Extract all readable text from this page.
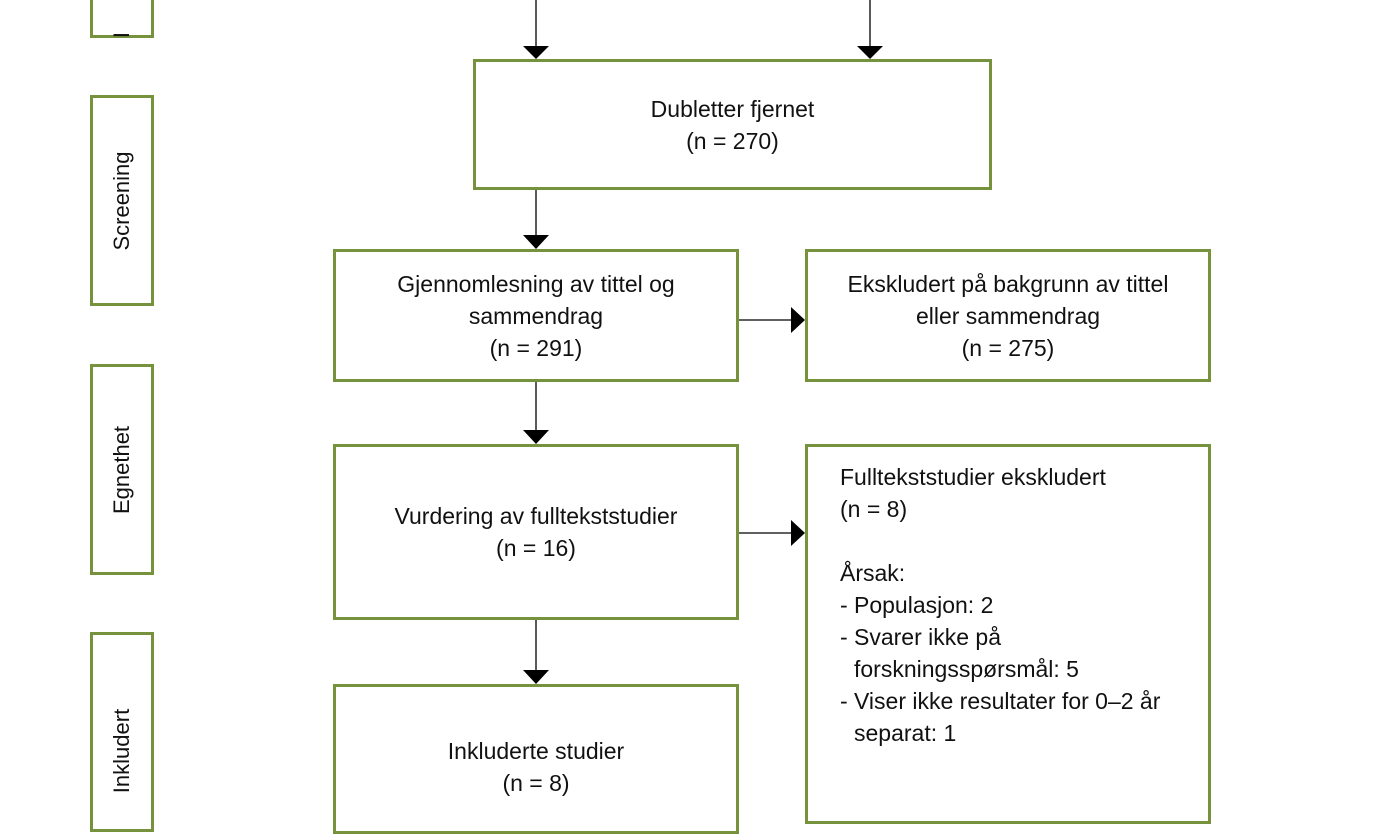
I
Screening
Egnethet
Inkludert
Dubletter fjernet
(n = 270)
Gjennomlesning av tittel og
sammendrag
(n = 291)
Ekskludert på bakgrunn av tittel
eller sammendrag
(n = 275)
Vurdering av fulltekststudier
(n = 16)
Fulltekststudier ekskludert
(n = 8)
Årsak:
- Populasjon: 2
- Svarer ikke på forskningsspørsmål: 5
- Viser ikke resultater for 0–2 år separat: 1
Inkluderte studier
(n = 8)
